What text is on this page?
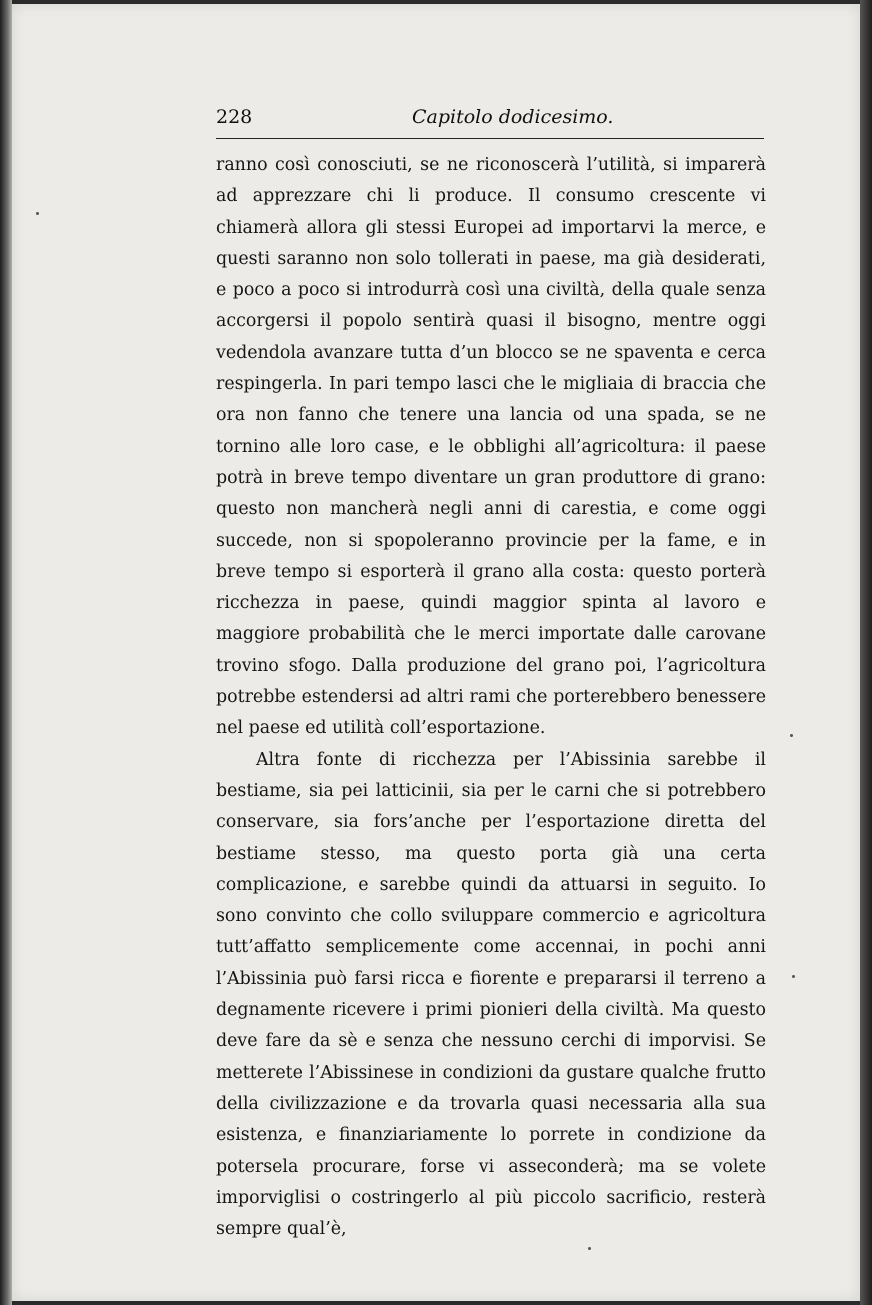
228	Capitolo dodicesimo.

ranno così conosciuti, se ne riconoscerà l’utilità, si imparerà ad apprezzare chi li produce. Il consumo crescente vi chiamerà allora gli stessi Europei ad importarvi la merce, e questi saranno non solo tollerati in paese, ma già desiderati, e poco a poco si introdurrà così una civiltà, della quale senza accorgersi il popolo sentirà quasi il bisogno, mentre oggi vedendola avanzare tutta d’un blocco se ne spaventa e cerca respingerla. In pari tempo lasci che le migliaia di braccia che ora non fanno che tenere una lancia od una spada, se ne tornino alle loro case, e le obblighi all’agricoltura: il paese potrà in breve tempo diventare un gran produttore di grano: questo non mancherà negli anni di carestia, e come oggi succede, non si spopoleranno provincie per la fame, e in breve tempo si esporterà il grano alla costa: questo porterà ricchezza in paese, quindi maggior spinta al lavoro e maggiore probabilità che le merci importate dalle carovane trovino sfogo. Dalla produzione del grano poi, l’agricoltura potrebbe estendersi ad altri rami che porterebbero benessere nel paese ed utilità coll’esportazione.

Altra fonte di ricchezza per l’Abissinia sarebbe il bestiame, sia pei latticinii, sia per le carni che si potrebbero conservare, sia fors’anche per l’esportazione diretta del bestiame stesso, ma questo porta già una certa complicazione, e sarebbe quindi da attuarsi in seguito. Io sono convinto che collo sviluppare commercio e agricoltura tutt’affatto semplicemente come accennai, in pochi anni l’Abissinia può farsi ricca e fiorente e prepararsi il terreno a degnamente ricevere i primi pionieri della civiltà. Ma questo deve fare da sè e senza che nessuno cerchi di imporvisi. Se metterete l’Abissinese in condizioni da gustare qualche frutto della civilizzazione e da trovarla quasi necessaria alla sua esistenza, e finanziariamente lo porrete in condizione da potersela procurare, forse vi asseconderà; ma se volete imporviglisi o costringerlo al più piccolo sacrificio, resterà sempre qual’è,
